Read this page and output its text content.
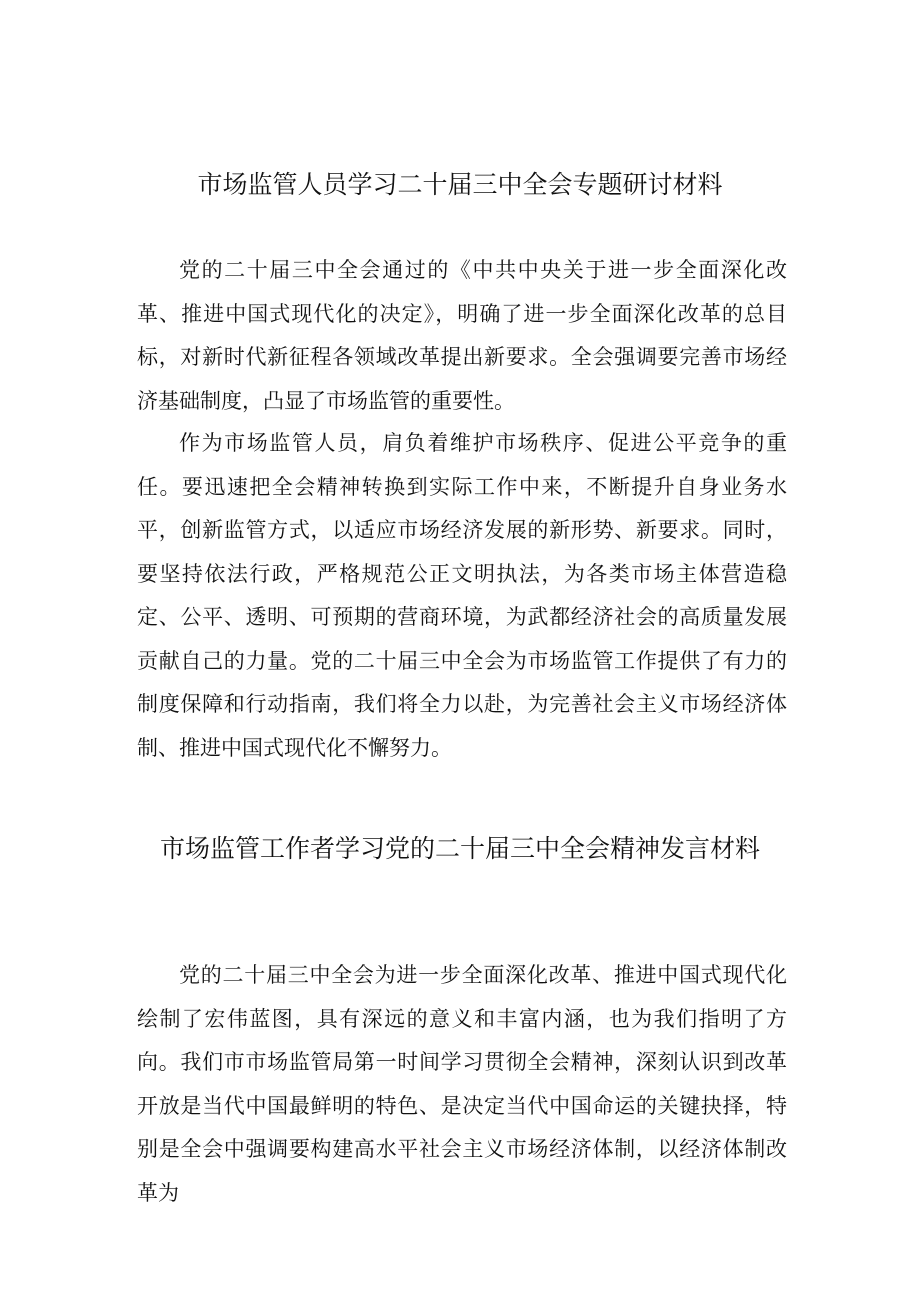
市场监管人员学习二十届三中全会专题研讨材料

党的二十届三中全会通过的《中共中央关于进一步全面深化改革、推进中国式现代化的决定》，明确了进一步全面深化改革的总目标，对新时代新征程各领域改革提出新要求。全会强调要完善市场经济基础制度，凸显了市场监管的重要性。

作为市场监管人员，肩负着维护市场秩序、促进公平竞争的重任。要迅速把全会精神转换到实际工作中来，不断提升自身业务水平，创新监管方式，以适应市场经济发展的新形势、新要求。同时，要坚持依法行政，严格规范公正文明执法，为各类市场主体营造稳定、公平、透明、可预期的营商环境，为武都经济社会的高质量发展贡献自己的力量。党的二十届三中全会为市场监管工作提供了有力的制度保障和行动指南，我们将全力以赴，为完善社会主义市场经济体制、推进中国式现代化不懈努力。

市场监管工作者学习党的二十届三中全会精神发言材料

党的二十届三中全会为进一步全面深化改革、推进中国式现代化绘制了宏伟蓝图，具有深远的意义和丰富内涵，也为我们指明了方向。我们市市场监管局第一时间学习贯彻全会精神，深刻认识到改革开放是当代中国最鲜明的特色、是决定当代中国命运的关键抉择，特别是全会中强调要构建高水平社会主义市场经济体制，以经济体制改革为
